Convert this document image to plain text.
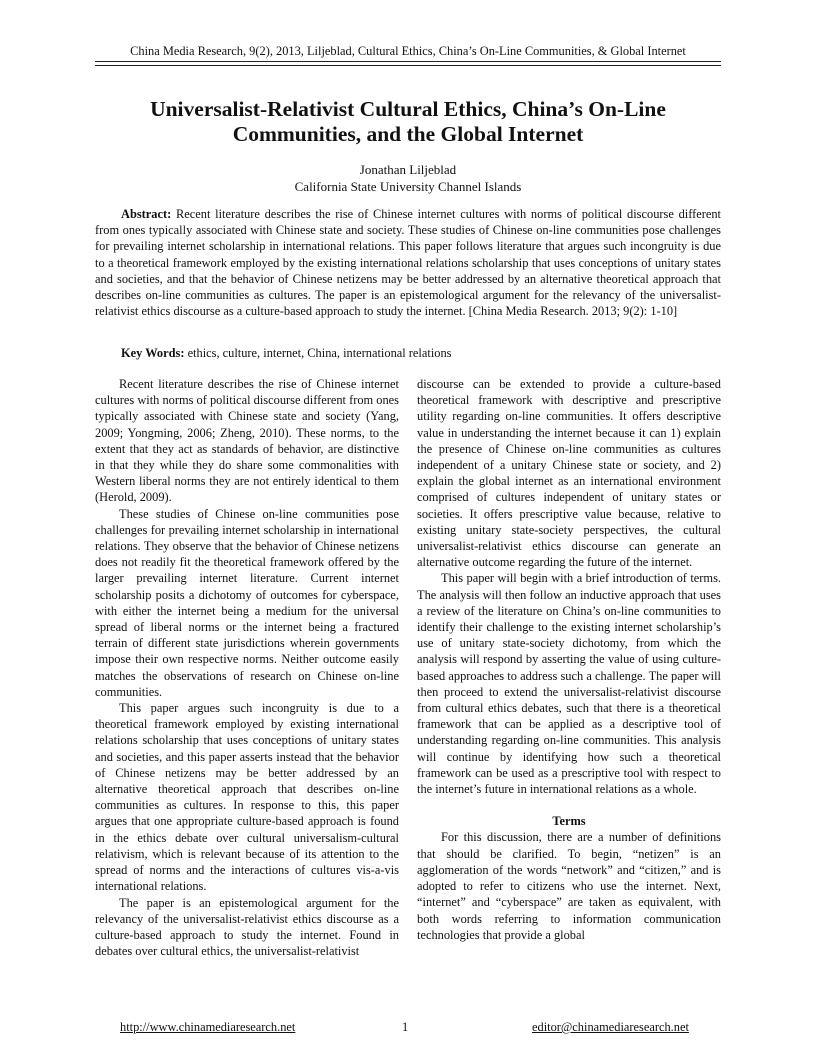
China Media Research, 9(2), 2013, Liljeblad, Cultural Ethics, China’s On-Line Communities, & Global Internet
Universalist-Relativist Cultural Ethics, China’s On-Line
Communities, and the Global Internet
Jonathan Liljeblad
California State University Channel Islands

Abstract: Recent literature describes the rise of Chinese internet cultures with norms of political discourse different from ones typically associated with Chinese state and society. These studies of Chinese on-line communities pose challenges for prevailing internet scholarship in international relations. This paper follows literature that argues such incongruity is due to a theoretical framework employed by the existing international relations scholarship that uses conceptions of unitary states and societies, and that the behavior of Chinese netizens may be better addressed by an alternative theoretical approach that describes on-line communities as cultures. The paper is an epistemological argument for the relevancy of the universalist-relativist ethics discourse as a culture-based approach to study the internet. [China Media Research. 2013; 9(2): 1-10]

Key Words: ethics, culture, internet, China, international relations

Recent literature describes the rise of Chinese internet cultures with norms of political discourse different from ones typically associated with Chinese state and society (Yang, 2009; Yongming, 2006; Zheng, 2010). These norms, to the extent that they act as standards of behavior, are distinctive in that they while they do share some commonalities with Western liberal norms they are not entirely identical to them (Herold, 2009).

These studies of Chinese on-line communities pose challenges for prevailing internet scholarship in international relations. They observe that the behavior of Chinese netizens does not readily fit the theoretical framework offered by the larger prevailing internet literature. Current internet scholarship posits a dichotomy of outcomes for cyberspace, with either the internet being a medium for the universal spread of liberal norms or the internet being a fractured terrain of different state jurisdictions wherein governments impose their own respective norms. Neither outcome easily matches the observations of research on Chinese on-line communities.

This paper argues such incongruity is due to a theoretical framework employed by existing international relations scholarship that uses conceptions of unitary states and societies, and this paper asserts instead that the behavior of Chinese netizens may be better addressed by an alternative theoretical approach that describes on-line communities as cultures. In response to this, this paper argues that one appropriate culture-based approach is found in the ethics debate over cultural universalism-cultural relativism, which is relevant because of its attention to the spread of norms and the interactions of cultures vis-a-vis international relations.

The paper is an epistemological argument for the relevancy of the universalist-relativist ethics discourse as a culture-based approach to study the internet. Found in debates over cultural ethics, the universalist-relativist

discourse can be extended to provide a culture-based theoretical framework with descriptive and prescriptive utility regarding on-line communities. It offers descriptive value in understanding the internet because it can 1) explain the presence of Chinese on-line communities as cultures independent of a unitary Chinese state or society, and 2) explain the global internet as an international environment comprised of cultures independent of unitary states or societies. It offers prescriptive value because, relative to existing unitary state-society perspectives, the cultural universalist-relativist ethics discourse can generate an alternative outcome regarding the future of the internet.

This paper will begin with a brief introduction of terms. The analysis will then follow an inductive approach that uses a review of the literature on China’s on-line communities to identify their challenge to the existing internet scholarship’s use of unitary state-society dichotomy, from which the analysis will respond by asserting the value of using culture-based approaches to address such a challenge. The paper will then proceed to extend the universalist-relativist discourse from cultural ethics debates, such that there is a theoretical framework that can be applied as a descriptive tool of understanding regarding on-line communities. This analysis will continue by identifying how such a theoretical framework can be used as a prescriptive tool with respect to the internet’s future in international relations as a whole.

Terms

For this discussion, there are a number of definitions that should be clarified. To begin, “netizen” is an agglomeration of the words “network” and “citizen,” and is adopted to refer to citizens who use the internet. Next, “internet” and “cyberspace” are taken as equivalent, with both words referring to information communication technologies that provide a global

http://www.chinamediaresearch.net	1	editor@chinamediaresearch.net
